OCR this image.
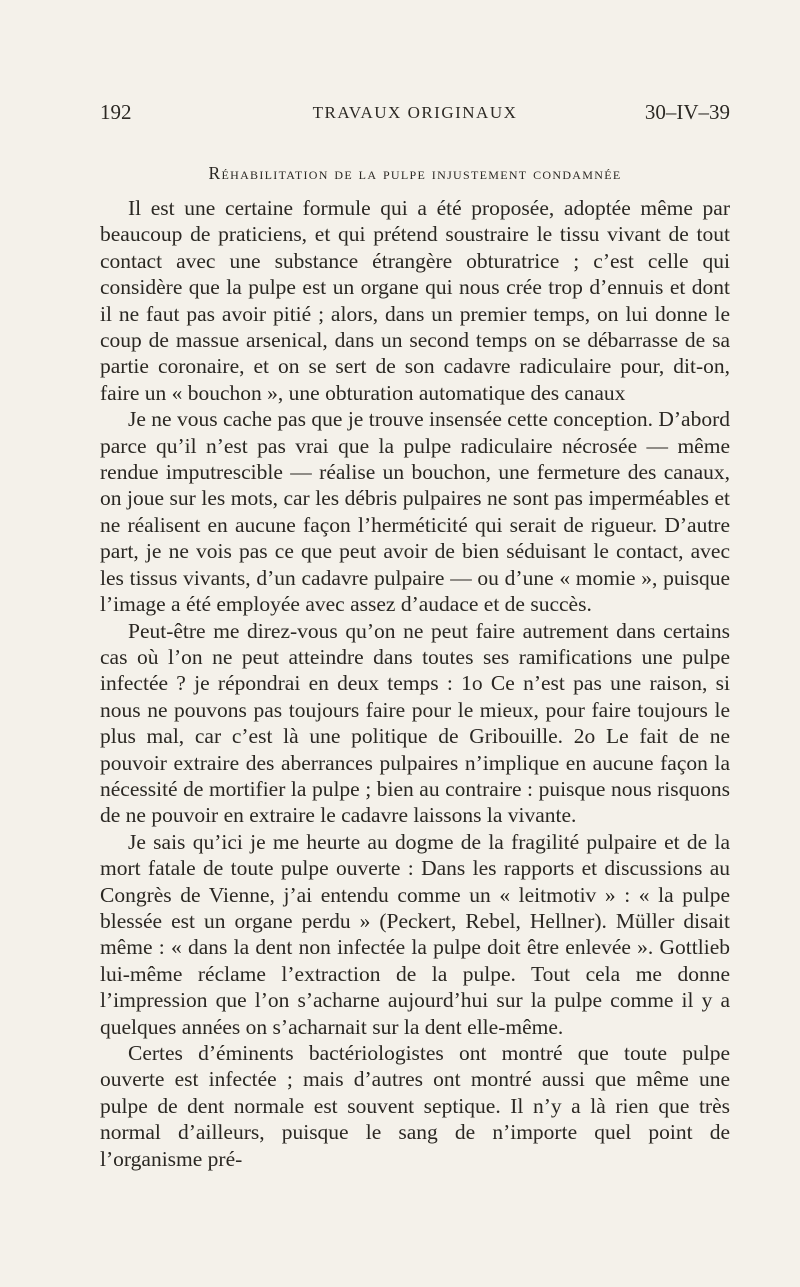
192	TRAVAUX ORIGINAUX	30–IV–39

Réhabilitation de la pulpe injustement condamnée

Il est une certaine formule qui a été proposée, adoptée même par beaucoup de praticiens, et qui prétend soustraire le tissu vivant de tout contact avec une substance étrangère obturatrice ; c’est celle qui considère que la pulpe est un organe qui nous crée trop d’ennuis et dont il ne faut pas avoir pitié ; alors, dans un premier temps, on lui donne le coup de massue arsenical, dans un second temps on se débarrasse de sa partie coronaire, et on se sert de son cadavre radiculaire pour, dit-on, faire un « bouchon », une obturation automatique des canaux

Je ne vous cache pas que je trouve insensée cette conception. D’abord parce qu’il n’est pas vrai que la pulpe radiculaire nécrosée — même rendue imputrescible — réalise un bouchon, une fermeture des canaux, on joue sur les mots, car les débris pulpaires ne sont pas imperméables et ne réalisent en aucune façon l’herméticité qui serait de rigueur. D’autre part, je ne vois pas ce que peut avoir de bien séduisant le contact, avec les tissus vivants, d’un cadavre pulpaire — ou d’une « momie », puisque l’image a été employée avec assez d’audace et de succès.

Peut-être me direz-vous qu’on ne peut faire autrement dans certains cas où l’on ne peut atteindre dans toutes ses ramifications une pulpe infectée ? je répondrai en deux temps : 1o Ce n’est pas une raison, si nous ne pouvons pas toujours faire pour le mieux, pour faire toujours le plus mal, car c’est là une politique de Gribouille. 2o Le fait de ne pouvoir extraire des aberrances pulpaires n’implique en aucune façon la nécessité de mortifier la pulpe ; bien au contraire : puisque nous risquons de ne pouvoir en extraire le cadavre laissons la vivante.

Je sais qu’ici je me heurte au dogme de la fragilité pulpaire et de la mort fatale de toute pulpe ouverte : Dans les rapports et discussions au Congrès de Vienne, j’ai entendu comme un « leitmotiv » : « la pulpe blessée est un organe perdu » (Peckert, Rebel, Hellner). Müller disait même : « dans la dent non infectée la pulpe doit être enlevée ». Gottlieb lui-même réclame l’extraction de la pulpe. Tout cela me donne l’impression que l’on s’acharne aujourd’hui sur la pulpe comme il y a quelques années on s’acharnait sur la dent elle-même.

Certes d’éminents bactériologistes ont montré que toute pulpe ouverte est infectée ; mais d’autres ont montré aussi que même une pulpe de dent normale est souvent septique. Il n’y a là rien que très normal d’ailleurs, puisque le sang de n’importe quel point de l’organisme pré-
